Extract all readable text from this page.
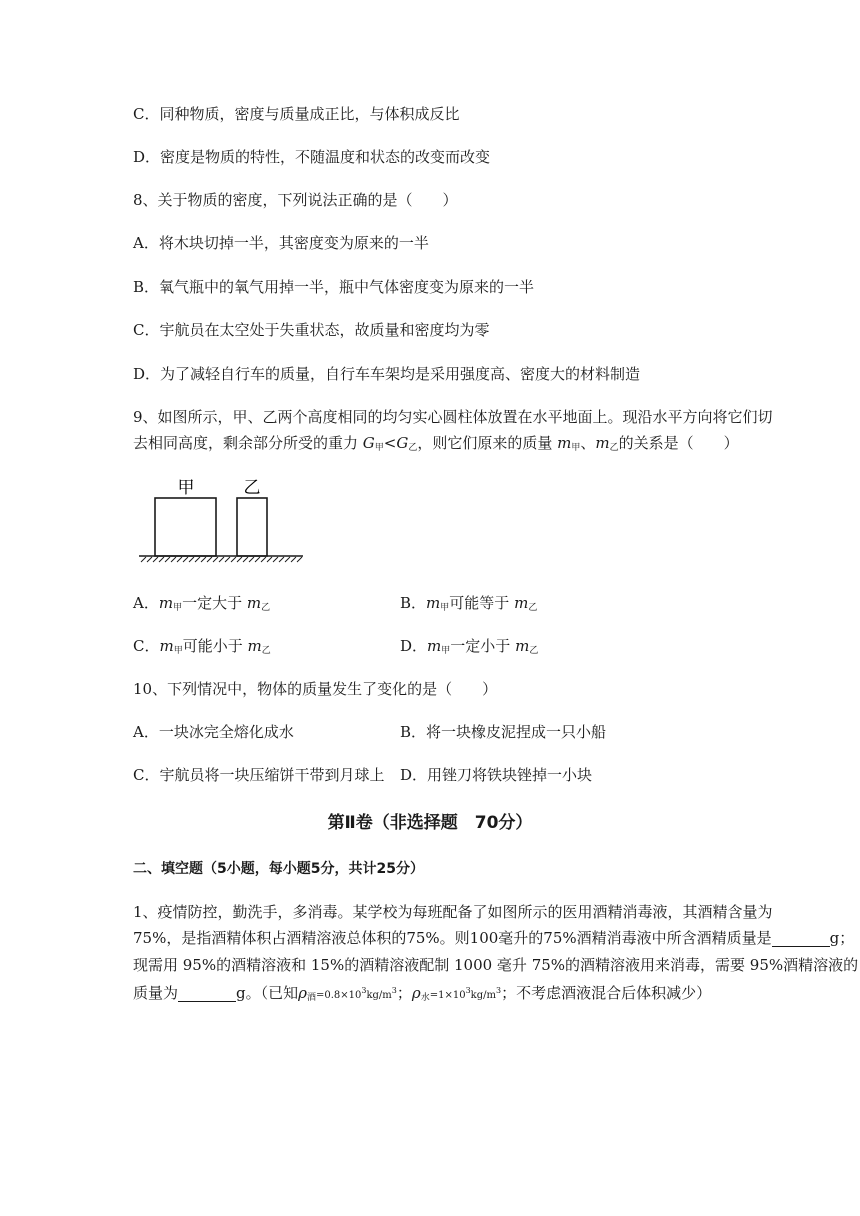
C．同种物质，密度与质量成正比，与体积成反比
D．密度是物质的特性，不随温度和状态的改变而改变
8、关于物质的密度，下列说法正确的是（　　）
A．将木块切掉一半，其密度变为原来的一半
B．氧气瓶中的氧气用掉一半，瓶中气体密度变为原来的一半
C．宇航员在太空处于失重状态，故质量和密度均为零
D．为了减轻自行车的质量，自行车车架均是采用强度高、密度大的材料制造
9、如图所示，甲、乙两个高度相同的均匀实心圆柱体放置在水平地面上。现沿水平方向将它们切
去相同高度，剩余部分所受的重力 $G_甲<G_乙$，则它们原来的质量 $m_甲$、$m_乙$的关系是（　　）
甲	乙
A．$m_甲$一定大于 $m_乙$	B．$m_甲$可能等于 $m_乙$
C．$m_甲$可能小于 $m_乙$	D．$m_甲$一定小于 $m_乙$
10、下列情况中，物体的质量发生了变化的是（　　）
A．一块冰完全熔化成水	B．将一块橡皮泥捏成一只小船
C．宇航员将一块压缩饼干带到月球上 D．用锉刀将铁块锉掉一小块
第Ⅱ卷（非选择题　70分）
二、填空题（5小题，每小题5分，共计25分）
1、疫情防控，勤洗手，多消毒。某学校为每班配备了如图所示的医用酒精消毒液，其酒精含量为
75%，是指酒精体积占酒精溶液总体积的75%。则100毫升的75%酒精消毒液中所含酒精质量是	g；
现需用 95%的酒精溶液和 15%的酒精溶液配制 1000 毫升 75%的酒精溶液用来消毒，需要 95%酒精溶液的
质量为	g。（已知$\rho_酒=0.8\times 10^3kg/m^3$；$\rho_水=1\times 10^3kg/m^3$；不考虑酒液混合后体积减少）
